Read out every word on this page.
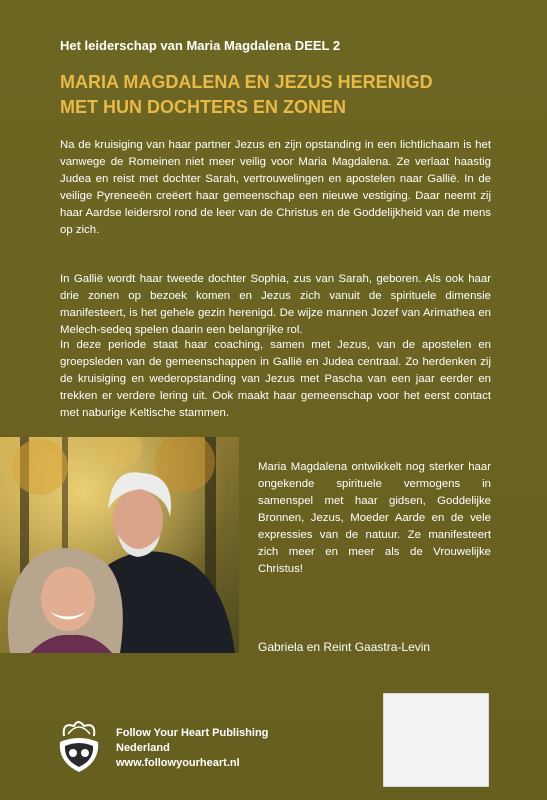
Het leiderschap van Maria Magdalena DEEL 2
MARIA MAGDALENA EN JEZUS HERENIGD
MET HUN DOCHTERS EN ZONEN

Na de kruisiging van haar partner Jezus en zijn opstanding in een lichtlichaam is het vanwege de Romeinen niet meer veilig voor Maria Magdalena. Ze verlaat haastig Judea en reist met dochter Sarah, vertrouwelingen en apostelen naar Gallië. In de veilige Pyreneeën creëert haar gemeenschap een nieuwe vestiging. Daar neemt zij haar Aardse leidersrol rond de leer van de Christus en de Goddelijkheid van de mens op zich.

In Gallië wordt haar tweede dochter Sophia, zus van Sarah, geboren. Als ook haar drie zonen op bezoek komen en Jezus zich vanuit de spirituele dimensie manifesteert, is het gehele gezin herenigd. De wijze mannen Jozef van Arimathea en Melech-sedeq spelen daarin een belangrijke rol.

In deze periode staat haar coaching, samen met Jezus, van de apostelen en groepsleden van de gemeenschappen in Gallië en Judea centraal. Zo herdenken zij de kruisiging en wederopstanding van Jezus met Pascha van een jaar eerder en trekken er verdere lering uit. Ook maakt haar gemeenschap voor het eerst contact met naburige Keltische stammen.

Maria Magdalena ontwikkelt nog sterker haar ongekende spirituele vermogens in samenspel met haar gidsen, Goddelijke Bronnen, Jezus, Moeder Aarde en de vele expressies van de natuur. Ze manifesteert zich meer en meer als de Vrouwelijke Christus!

Gabriela en Reint Gaastra-Levin
Follow Your Heart Publishing
Nederland
www.followyourheart.nl
